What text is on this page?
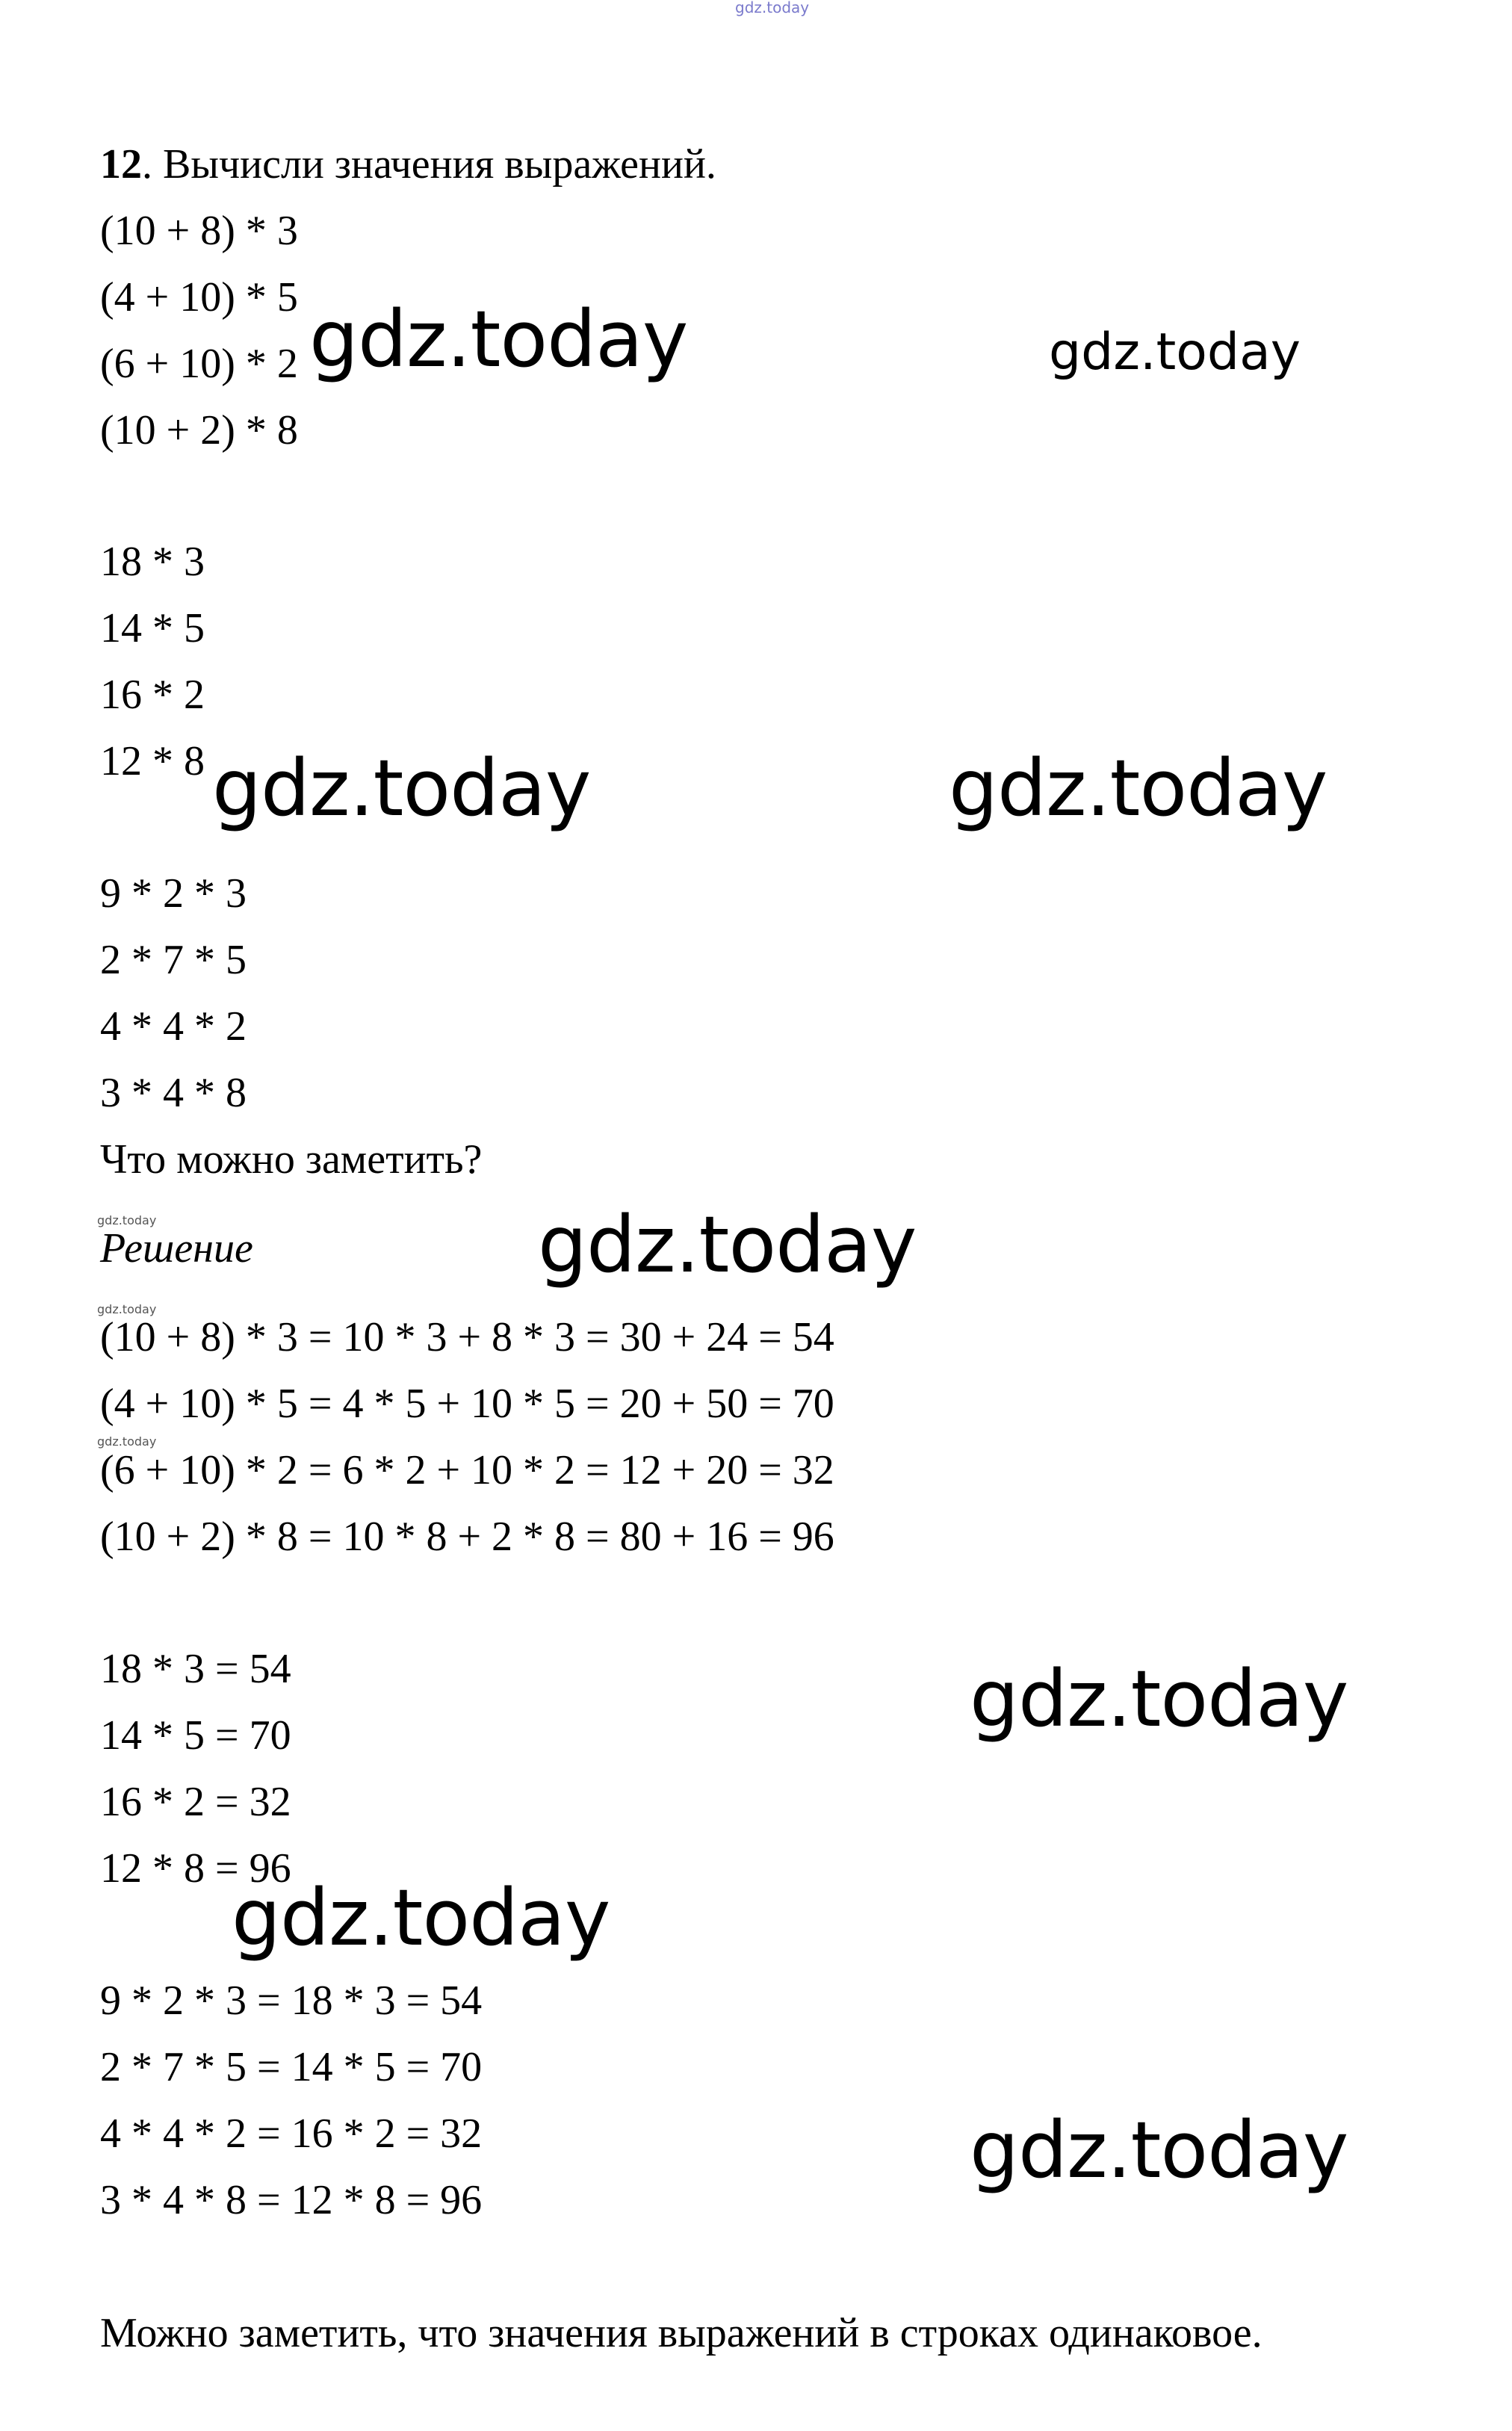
gdz.today
gdz.today	gdz.today
gdz.today	gdz.today
gdz.today	gdz.today
gdz.today
gdz.today
gdz.today
gdz.today
gdz.today
12. Вычисли значения выражений.
(10 + 8) * 3
(4 + 10) * 5
(6 + 10) * 2
(10 + 2) * 8
18 * 3
14 * 5
16 * 2
12 * 8
9 * 2 * 3
2 * 7 * 5
4 * 4 * 2
3 * 4 * 8
Что можно заметить?
Решение
(10 + 8) * 3 = 10 * 3 + 8 * 3 = 30 + 24 = 54
(4 + 10) * 5 = 4 * 5 + 10 * 5 = 20 + 50 = 70
(6 + 10) * 2 = 6 * 2 + 10 * 2 = 12 + 20 = 32
(10 + 2) * 8 = 10 * 8 + 2 * 8 = 80 + 16 = 96
18 * 3 = 54
14 * 5 = 70
16 * 2 = 32
12 * 8 = 96
9 * 2 * 3 = 18 * 3 = 54
2 * 7 * 5 = 14 * 5 = 70
4 * 4 * 2 = 16 * 2 = 32
3 * 4 * 8 = 12 * 8 = 96
Можно заметить, что значения выражений в строках одинаковое.
